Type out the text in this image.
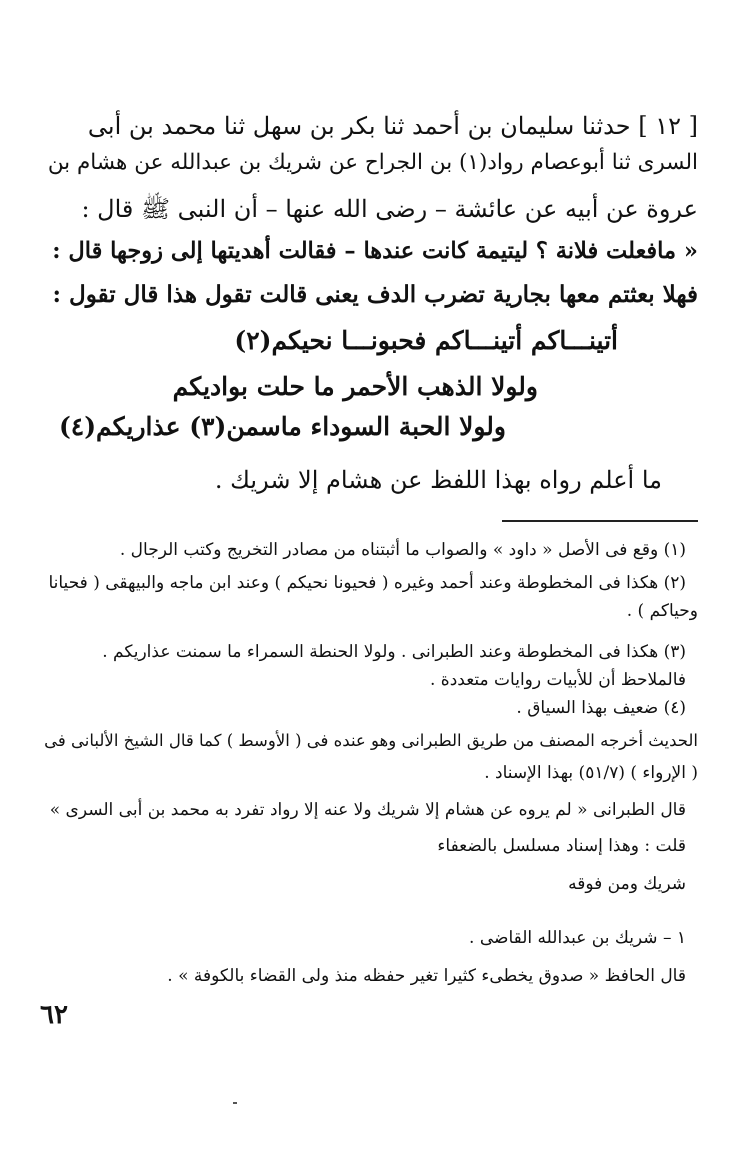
[ ١٢ ] حدثنا سليمان بن أحمد ثنا بكر بن سهل ثنا محمد بن أبى
السرى ثنا أبوعصام رواد(١) بن الجراح عن شريك بن عبدالله عن هشام بن
عروة عن أبيه عن عائشة – رضى الله عنها – أن النبى ﷺ قال :
« مافعلت فلانة ؟ ليتيمة كانت عندها – فقالت أهديتها إلى زوجها قال :
فهلا بعثتم معها بجارية تضرب الدف يعنى قالت تقول هذا قال تقول :
أتينـــاكم أتينـــاكم فحبونـــا نحيكم(٢)
ولولا الذهب الأحمر ما حلت بواديكم
ولولا الحبة السوداء ماسمن(٣) عذاريكم(٤)
ما أعلم رواه بهذا اللفظ عن هشام إلا شريك .
(١) وقع فى الأصل « داود » والصواب ما أثبتناه من مصادر التخريج وكتب الرجال .
(٢) هكذا فى المخطوطة وعند أحمد وغيره ( فحيونا نحيكم ) وعند ابن ماجه والبيهقى ( فحيانا
وحياكم ) .
(٣) هكذا فى المخطوطة وعند الطبرانى . ولولا الحنطة السمراء ما سمنت عذاريكم .
فالملاحظ أن للأبيات روايات متعددة .
(٤) ضعيف بهذا السياق .
الحديث أخرجه المصنف من طريق الطبرانى وهو عنده فى ( الأوسط ) كما قال الشيخ الألبانى فى
( الإرواء ) (٥١/٧) بهذا الإسناد .
قال الطبرانى « لم يروه عن هشام إلا شريك ولا عنه إلا رواد تفرد به محمد بن أبى السرى »
قلت : وهذا إسناد مسلسل بالضعفاء
شريك ومن فوقه
١ – شريك بن عبدالله القاضى .
قال الحافظ « صدوق يخطىء كثيرا تغير حفظه منذ ولى القضاء بالكوفة » .
٦٢
